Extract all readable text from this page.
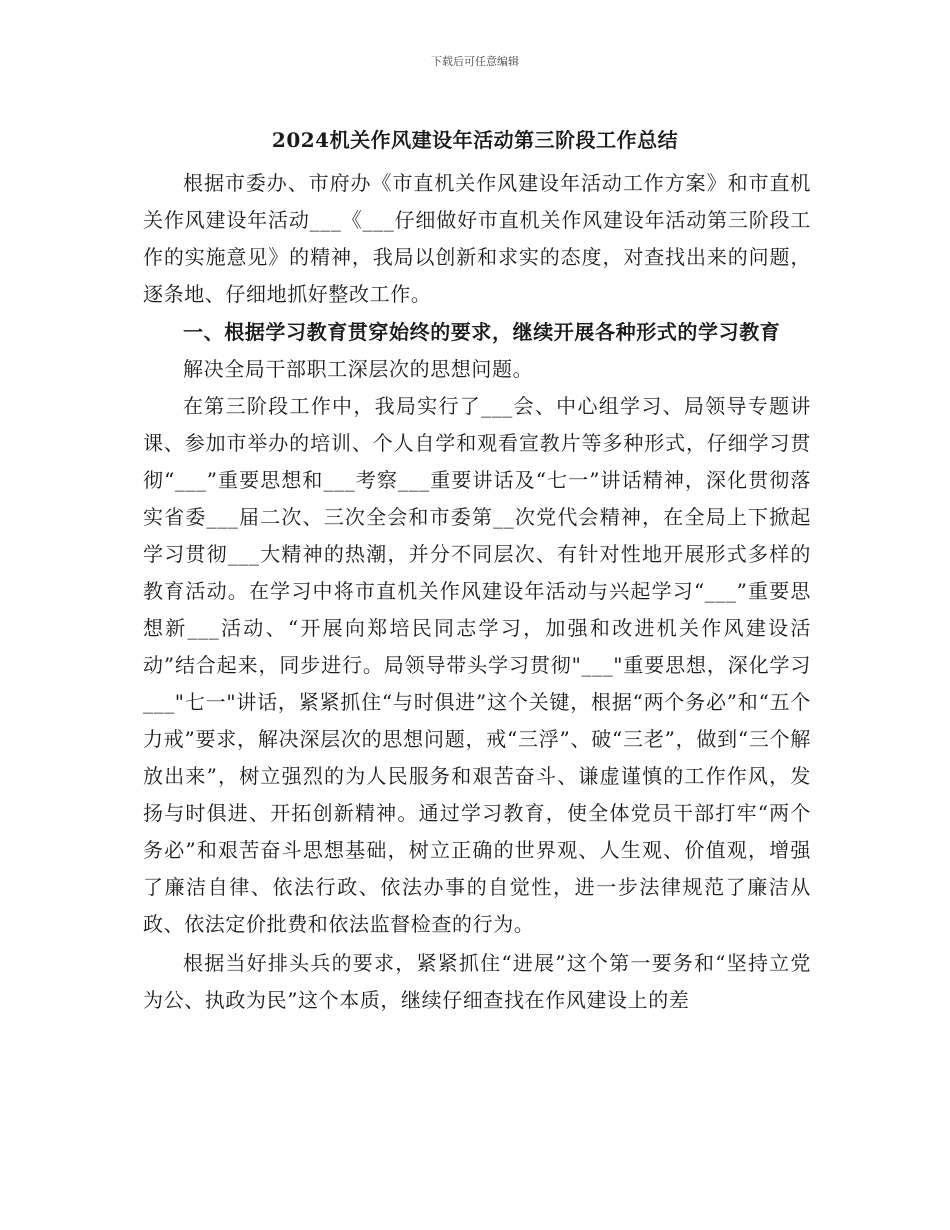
下载后可任意编辑
2024机关作风建设年活动第三阶段工作总结

根据市委办、市府办《市直机关作风建设年活动工作方案》和市直机关作风建设年活动___《___仔细做好市直机关作风建设年活动第三阶段工作的实施意见》的精神，我局以创新和求实的态度，对查找出来的问题，逐条地、仔细地抓好整改工作。

一、根据学习教育贯穿始终的要求，继续开展各种形式的学习教育

解决全局干部职工深层次的思想问题。

在第三阶段工作中，我局实行了___会、中心组学习、局领导专题讲课、参加市举办的培训、个人自学和观看宣教片等多种形式，仔细学习贯彻“___”重要思想和___考察___重要讲话及“七一”讲话精神，深化贯彻落实省委___届二次、三次全会和市委第__次党代会精神，在全局上下掀起学习贯彻___大精神的热潮，并分不同层次、有针对性地开展形式多样的教育活动。在学习中将市直机关作风建设年活动与兴起学习“___”重要思想新___活动、“开展向郑培民同志学习，加强和改进机关作风建设活动”结合起来，同步进行。局领导带头学习贯彻"___"重要思想，深化学习___"七一"讲话，紧紧抓住“与时俱进”这个关键，根据“两个务必”和“五个力戒”要求，解决深层次的思想问题，戒“三浮”、破“三老”，做到“三个解放出来”，树立强烈的为人民服务和艰苦奋斗、谦虚谨慎的工作作风，发扬与时俱进、开拓创新精神。通过学习教育，使全体党员干部打牢“两个务必”和艰苦奋斗思想基础，树立正确的世界观、人生观、价值观，增强了廉洁自律、依法行政、依法办事的自觉性，进一步法律规范了廉洁从政、依法定价批费和依法监督检查的行为。

根据当好排头兵的要求，紧紧抓住“进展”这个第一要务和“坚持立党为公、执政为民”这个本质，继续仔细查找在作风建设上的差
